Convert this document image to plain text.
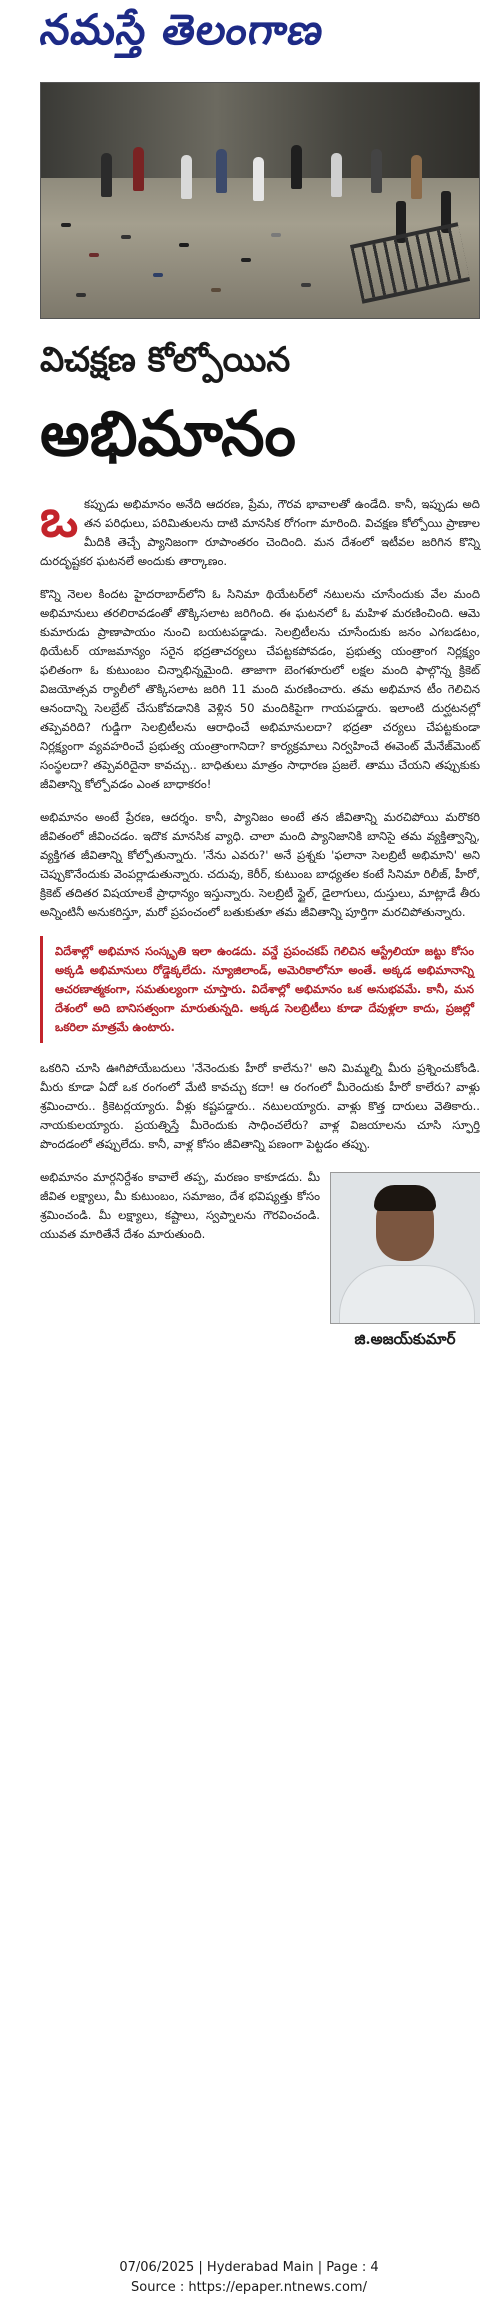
నమస్తే తెలంగాణ
విచక్షణ కోల్పోయిన
అభిమానం

ఒకప్పుడు అభిమానం అనేది ఆదరణ, ప్రేమ, గౌరవ భావాలతో ఉండేది. కానీ, ఇప్పుడు అది తన పరిధులు, పరిమితులను దాటి మానసిక రోగంగా మారింది. విచక్షణ కోల్పోయి ప్రాణాల మీదికి తెచ్చే ప్యానిజంగా రూపాంతరం చెందింది. మన దేశంలో ఇటీవల జరిగిన కొన్ని దురదృష్టకర ఘటనలే అందుకు తార్కాణం.

కొన్ని నెలల కిందట హైదరాబాద్‌లోని ఓ సినిమా థియేటర్‌లో నటులను చూసేందుకు వేల మంది అభిమానులు తరలిరావడంతో తొక్కిసలాట జరిగింది. ఈ ఘటనలో ఓ మహిళ మరణించింది. ఆమె కుమారుడు ప్రాణాపాయం నుంచి బయటపడ్డాడు. సెలబ్రిటీలను చూసేందుకు జనం ఎగబడటం, థియేటర్ యాజమాన్యం సరైన భద్రతాచర్యలు చేపట్టకపోవడం, ప్రభుత్వ యంత్రాంగ నిర్లక్ష్యం ఫలితంగా ఓ కుటుంబం చిన్నాభిన్నమైంది. తాజాగా బెంగళూరులో లక్షల మంది ఫాల్గొన్న క్రికెట్ విజయోత్సవ ర్యాలీలో తొక్కిసలాట జరిగి 11 మంది మరణించారు. తమ అభిమాన టీం గెలిచిన ఆనందాన్ని సెలబ్రేట్ చేసుకోవడానికి వెళ్లిన 50 మందికిపైగా గాయపడ్డారు. ఇలాంటి దుర్ఘటనల్లో తప్పెవరిది? గుడ్డిగా సెలబ్రిటీలను ఆరాధించే అభిమానులదా? భద్రతా చర్యలు చేపట్టకుండా నిర్లక్ష్యంగా వ్యవహరించే ప్రభుత్వ యంత్రాంగానిదా? కార్యక్రమాలు నిర్వహించే ఈవెంట్ మేనేజ్‌మెంట్ సంస్థలదా? తప్పెవరిదైనా కావచ్చు.. బాధితులు మాత్రం సాధారణ ప్రజలే. తాము చేయని తప్పుకుకు జీవితాన్ని కోల్పోవడం ఎంత బాధాకరం!

అభిమానం అంటే ప్రేరణ, ఆదర్శం. కానీ, ప్యానిజం అంటే తన జీవితాన్ని మరచిపోయి మరొకరి జీవితంలో జీవించడం. ఇదొక మానసిక వ్యాధి. చాలా మంది ప్యానిజానికి బానిసై తమ వ్యక్తిత్వాన్ని, వ్యక్తిగత జీవితాన్ని కోల్పోతున్నారు. 'నేను ఎవరు?' అనే ప్రశ్నకు 'ఫలానా సెలబ్రిటీ అభిమాని' అని చెప్పుకొనేందుకు వెంపర్లాడుతున్నారు. చదువు, కెరీర్, కుటుంబ బాధ్యతల కంటే సినిమా రిలీజ్, హీరో, క్రికెట్ తదితర విషయాలకే ప్రాధాన్యం ఇస్తున్నారు. సెలబ్రిటీ స్టైల్, డైలాగులు, దుస్తులు, మాట్లాడే తీరు అన్నింటినీ అనుకరిస్తూ, మరో ప్రపంచంలో బతుకుతూ తమ జీవితాన్ని పూర్తిగా మరచిపోతున్నారు.

విదేశాల్లో అభిమాన సంస్కృతి ఇలా ఉండదు. వన్డే ప్రపంచకప్ గెలిచిన ఆస్ట్రేలియా జట్టు కోసం అక్కడి అభిమానులు రోడ్డెక్కలేదు. న్యూజిలాండ్, అమెరికాలోనూ అంతే. అక్కడ అభిమానాన్ని ఆచరణాత్మకంగా, సమతుల్యంగా చూస్తారు. విదేశాల్లో అభిమానం ఒక అనుభవమే. కానీ, మన దేశంలో అది బానిసత్వంగా మారుతున్నది. అక్కడ సెలబ్రిటీలు కూడా దేవుళ్లలా కాదు, ప్రజల్లో ఒకరిలా మాత్రమే ఉంటారు.

ఒకరిని చూసి ఊగిపోయేబదులు 'నేనెందుకు హీరో కాలేను?' అని మిమ్మల్ని మీరు ప్రశ్నించుకోండి. మీరు కూడా ఏదో ఒక రంగంలో మేటి కావచ్చు కదా! ఆ రంగంలో మీరెందుకు హీరో కాలేరు? వాళ్లు శ్రమించారు.. క్రికెటర్లయ్యారు. వీళ్లు కష్టపడ్డారు.. నటులయ్యారు. వాళ్లు కొత్త దారులు వెతికారు.. నాయకులయ్యారు. ప్రయత్నిస్తే మీరెందుకు సాధించలేరు? వాళ్ల విజయాలను చూసి స్ఫూర్తి పొందడంలో తప్పులేదు. కానీ, వాళ్ల కోసం జీవితాన్ని పణంగా పెట్టడం తప్పు.

జి.అజయ్‌కుమార్

అభిమానం మార్గనిర్దేశం కావాలే తప్ప, మరణం కాకూడదు. మీ జీవిత లక్ష్యాలు, మీ కుటుంబం, సమాజం, దేశ భవిష్యత్తు కోసం శ్రమించండి. మీ లక్ష్యాలు, కష్టాలు, స్వప్నాలను గౌరవించండి. యువత మారితేనే దేశం మారుతుంది.

07/06/2025 | Hyderabad Main | Page : 4
Source : https://epaper.ntnews.com/
